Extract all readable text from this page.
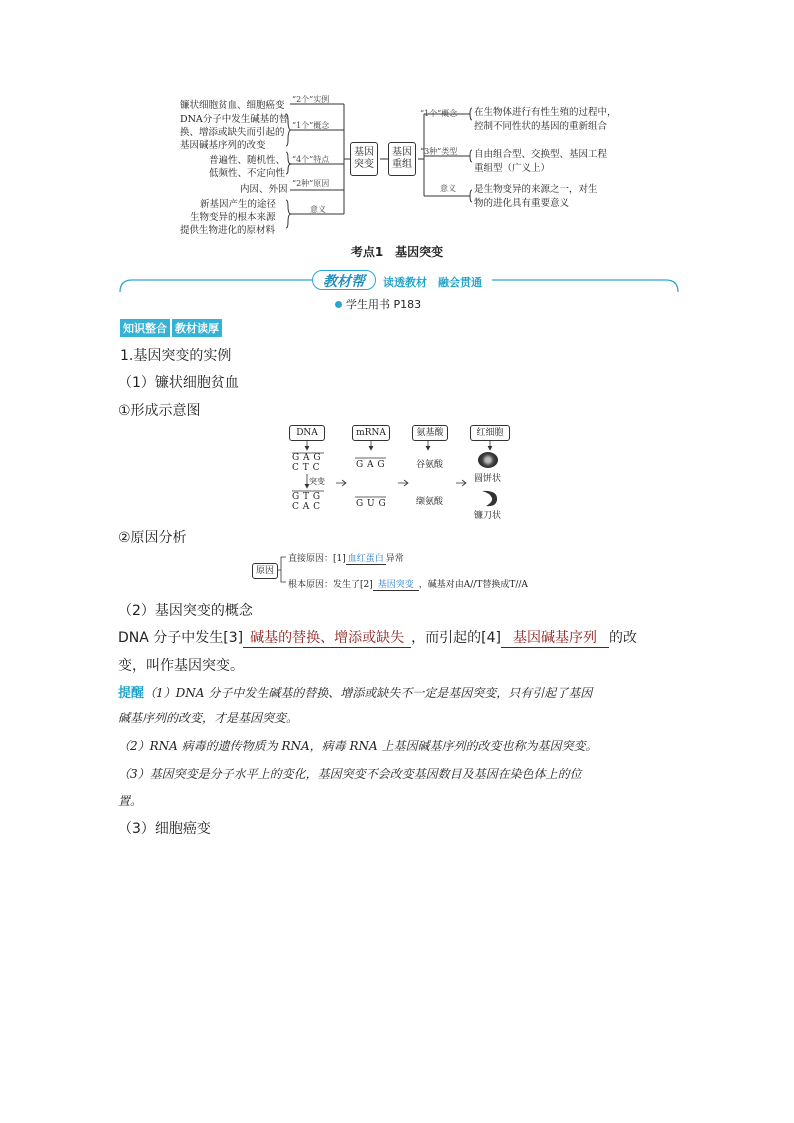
镰状细胞贫血、细胞癌变
“2个”实例
DNA分子中发生碱基的替
换、增添或缺失而引起的
基因碱基序列的改变
“1个”概念
普遍性、随机性、
低频性、不定向性
“4个”特点
内因、外因
“2种”原因
新基因产生的途径
生物变异的根本来源
提供生物进化的原材料
意义
基因突变
基因重组
“1个”概念 在生物体进行有性生殖的过程中，
控制不同性状的基因的重新组合
“3种”类型 自由组合型、交换型、基因工程
重组型（广义上）
意义 是生物变异的来源之一，对生
物的进化具有重要意义
考点1　基因突变
教材帮	读透教材　融会贯通
学生用书 P183
知识整合 教材读厚
1.基因突变的实例
（1）镰状细胞贫血
①形成示意图
DNA	mRNA	氨基酸	红细胞
G A G
C T C	G A G	谷氨酸
圆饼状
突变
G T G
C A C	G U G	缬氨酸
镰刀状
②原因分析
原因
直接原因：[1] 血红蛋白 异常
根本原因：发生了[2] 基因突变 ，碱基对由A//T替换成T//A
（2）基因突变的概念
DNA 分子中发生[3] 碱基的替换、增添或缺失 ，而引起的[4] 基因碱基序列 的改
变，叫作基因突变。
提醒（1）DNA 分子中发生碱基的替换、增添或缺失不一定是基因突变，只有引起了基因
碱基序列的改变，才是基因突变。
（2）RNA 病毒的遗传物质为 RNA，病毒 RNA 上基因碱基序列的改变也称为基因突变。
（3）基因突变是分子水平上的变化，基因突变不会改变基因数目及基因在染色体上的位
置。
（3）细胞癌变
